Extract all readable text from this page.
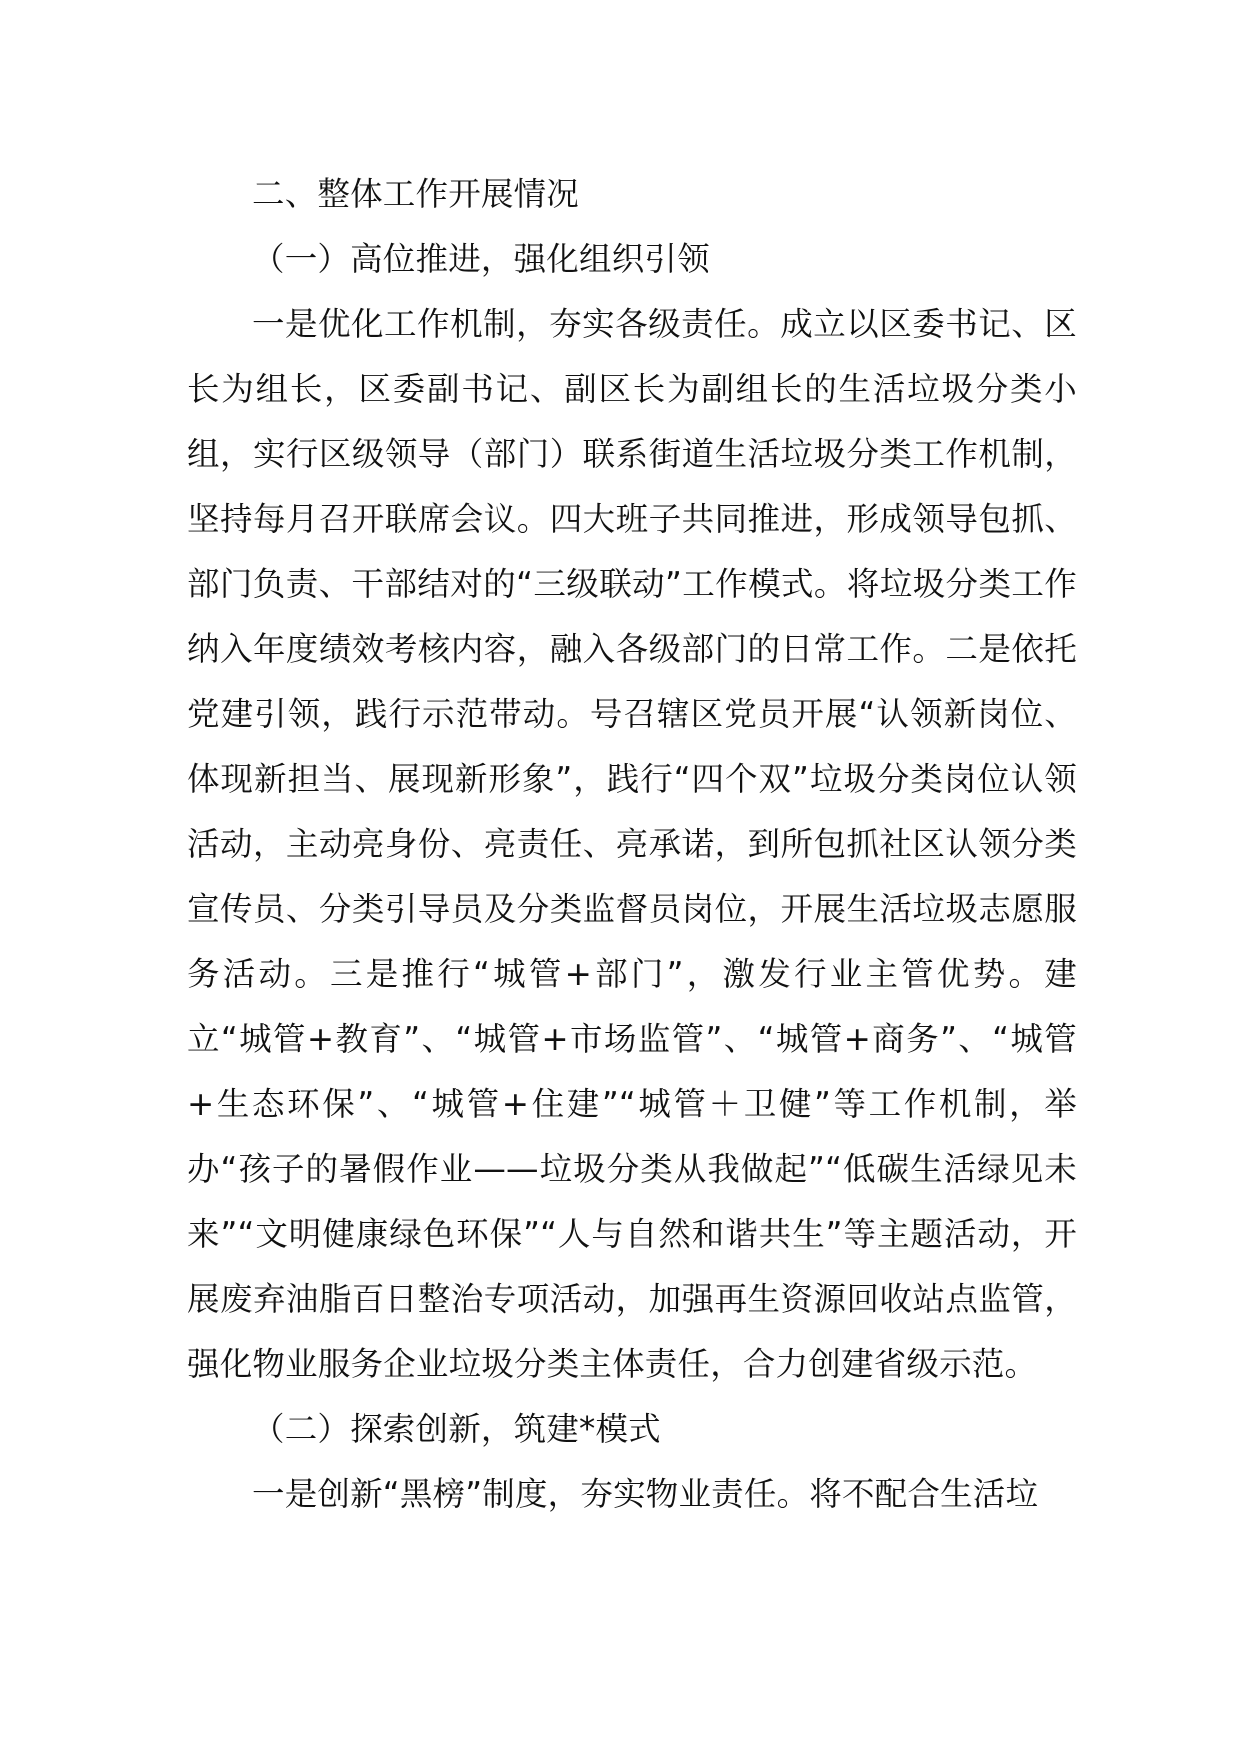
二、整体工作开展情况

（一）高位推进，强化组织引领

一是优化工作机制，夯实各级责任。成立以区委书记、区长为组长，区委副书记、副区长为副组长的生活垃圾分类小组，实行区级领导（部门）联系街道生活垃圾分类工作机制，坚持每月召开联席会议。四大班子共同推进，形成领导包抓、部门负责、干部结对的“三级联动”工作模式。将垃圾分类工作纳入年度绩效考核内容，融入各级部门的日常工作。二是依托党建引领，践行示范带动。号召辖区党员开展“认领新岗位、体现新担当、展现新形象”，践行“四个双”垃圾分类岗位认领活动，主动亮身份、亮责任、亮承诺，到所包抓社区认领分类宣传员、分类引导员及分类监督员岗位，开展生活垃圾志愿服务活动。三是推行“城管+部门”，激发行业主管优势。建立“城管+教育”、“城管+市场监管”、“城管+商务”、“城管+生态环保”、“城管+住建”“城管＋卫健”等工作机制，举办“孩子的暑假作业——垃圾分类从我做起”“低碳生活绿见未来”“文明健康绿色环保”“人与自然和谐共生”等主题活动，开展废弃油脂百日整治专项活动，加强再生资源回收站点监管，强化物业服务企业垃圾分类主体责任，合力创建省级示范。

（二）探索创新，筑建*模式

一是创新“黑榜”制度，夯实物业责任。将不配合生活垃
